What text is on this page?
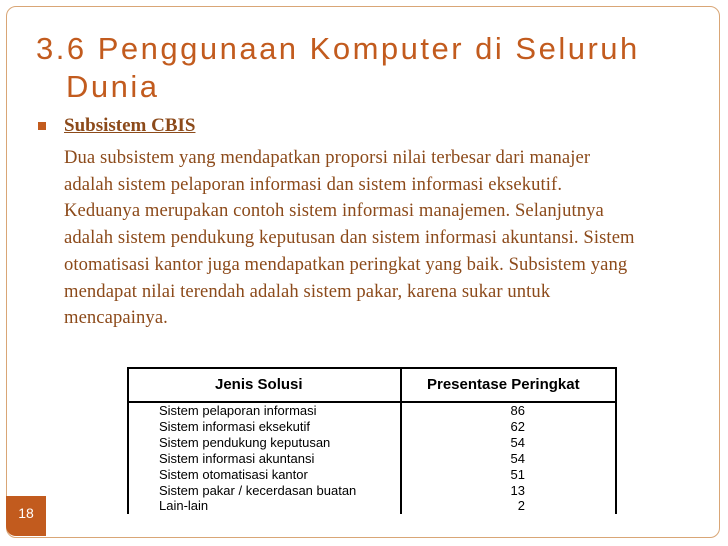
3.6 Penggunaan Komputer di Seluruh
Dunia
Subsistem CBIS
Dua subsistem yang mendapatkan proporsi nilai terbesar dari manajer
adalah sistem pelaporan informasi dan sistem informasi eksekutif.
Keduanya merupakan contoh sistem informasi manajemen. Selanjutnya
adalah sistem pendukung keputusan dan sistem informasi akuntansi. Sistem
otomatisasi kantor juga mendapatkan peringkat yang baik. Subsistem yang
mendapat nilai terendah adalah sistem pakar, karena sukar untuk
mencapainya.
Jenis Solusi	Presentase Peringkat
Sistem pelaporan informasi	86
Sistem informasi eksekutif	62
Sistem pendukung keputusan	54
Sistem informasi akuntansi	54
Sistem otomatisasi kantor	51
Sistem pakar / kecerdasan buatan	13
Lain-lain	2
18
